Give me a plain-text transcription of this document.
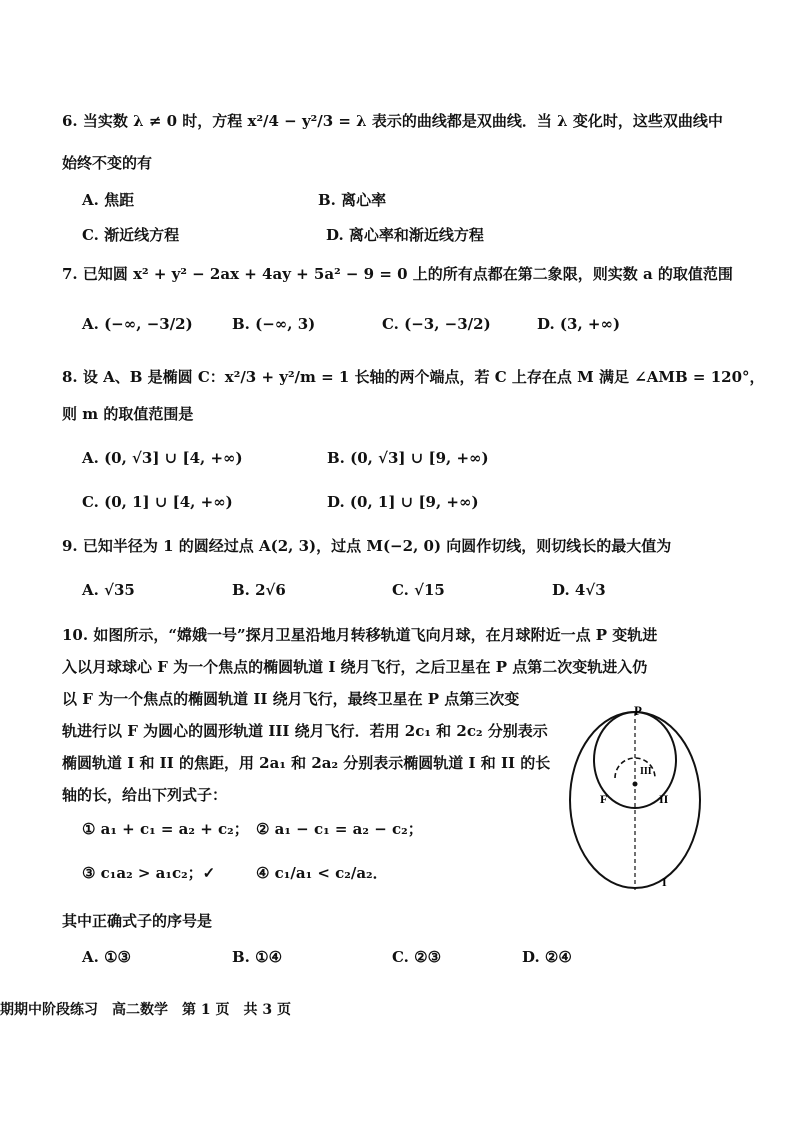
6. 当实数 λ ≠ 0 时，方程 x²/4 − y²/3 = λ 表示的曲线都是双曲线．当 λ 变化时，这些双曲线中
始终不变的有
A. 焦距	B. 离心率
C. 渐近线方程	D. 离心率和渐近线方程
7. 已知圆 x² + y² − 2ax + 4ay + 5a² − 9 = 0 上的所有点都在第二象限，则实数 a 的取值范围
A. (−∞, −3/2)	B. (−∞, 3)	C. (−3, −3/2)	D. (3, +∞)
8. 设 A、B 是椭圆 C：x²/3 + y²/m = 1 长轴的两个端点，若 C 上存在点 M 满足 ∠AMB = 120°，
则 m 的取值范围是
A. (0, √3] ∪ [4, +∞)	B. (0, √3] ∪ [9, +∞)
C. (0, 1] ∪ [4, +∞)	D. (0, 1] ∪ [9, +∞)
9. 已知半径为 1 的圆经过点 A(2, 3)，过点 M(−2, 0) 向圆作切线，则切线长的最大值为
A. √35	B. 2√6	C. √15	D. 4√3
10. 如图所示，“嫦娥一号”探月卫星沿地月转移轨道飞向月球，在月球附近一点 P 变轨进
入以月球球心 F 为一个焦点的椭圆轨道 I 绕月飞行，之后卫星在 P 点第二次变轨进入仍
以 F 为一个焦点的椭圆轨道 II 绕月飞行，最终卫星在 P 点第三次变
轨进行以 F 为圆心的圆形轨道 III 绕月飞行．若用 2c₁ 和 2c₂ 分别表示
椭圆轨道 I 和 II 的焦距，用 2a₁ 和 2a₂ 分别表示椭圆轨道 I 和 II 的长
轴的长，给出下列式子：
① a₁ + c₁ = a₂ + c₂； ② a₁ − c₁ = a₂ − c₂；
③ c₁a₂ > a₁c₂；✓	④ c₁/a₁ < c₂/a₂．
其中正确式子的序号是
A. ①③	B. ①④	C. ②③	D. ②④
P
F	II
I
III
期期中阶段练习　高二数学　第 1 页　共 3 页
